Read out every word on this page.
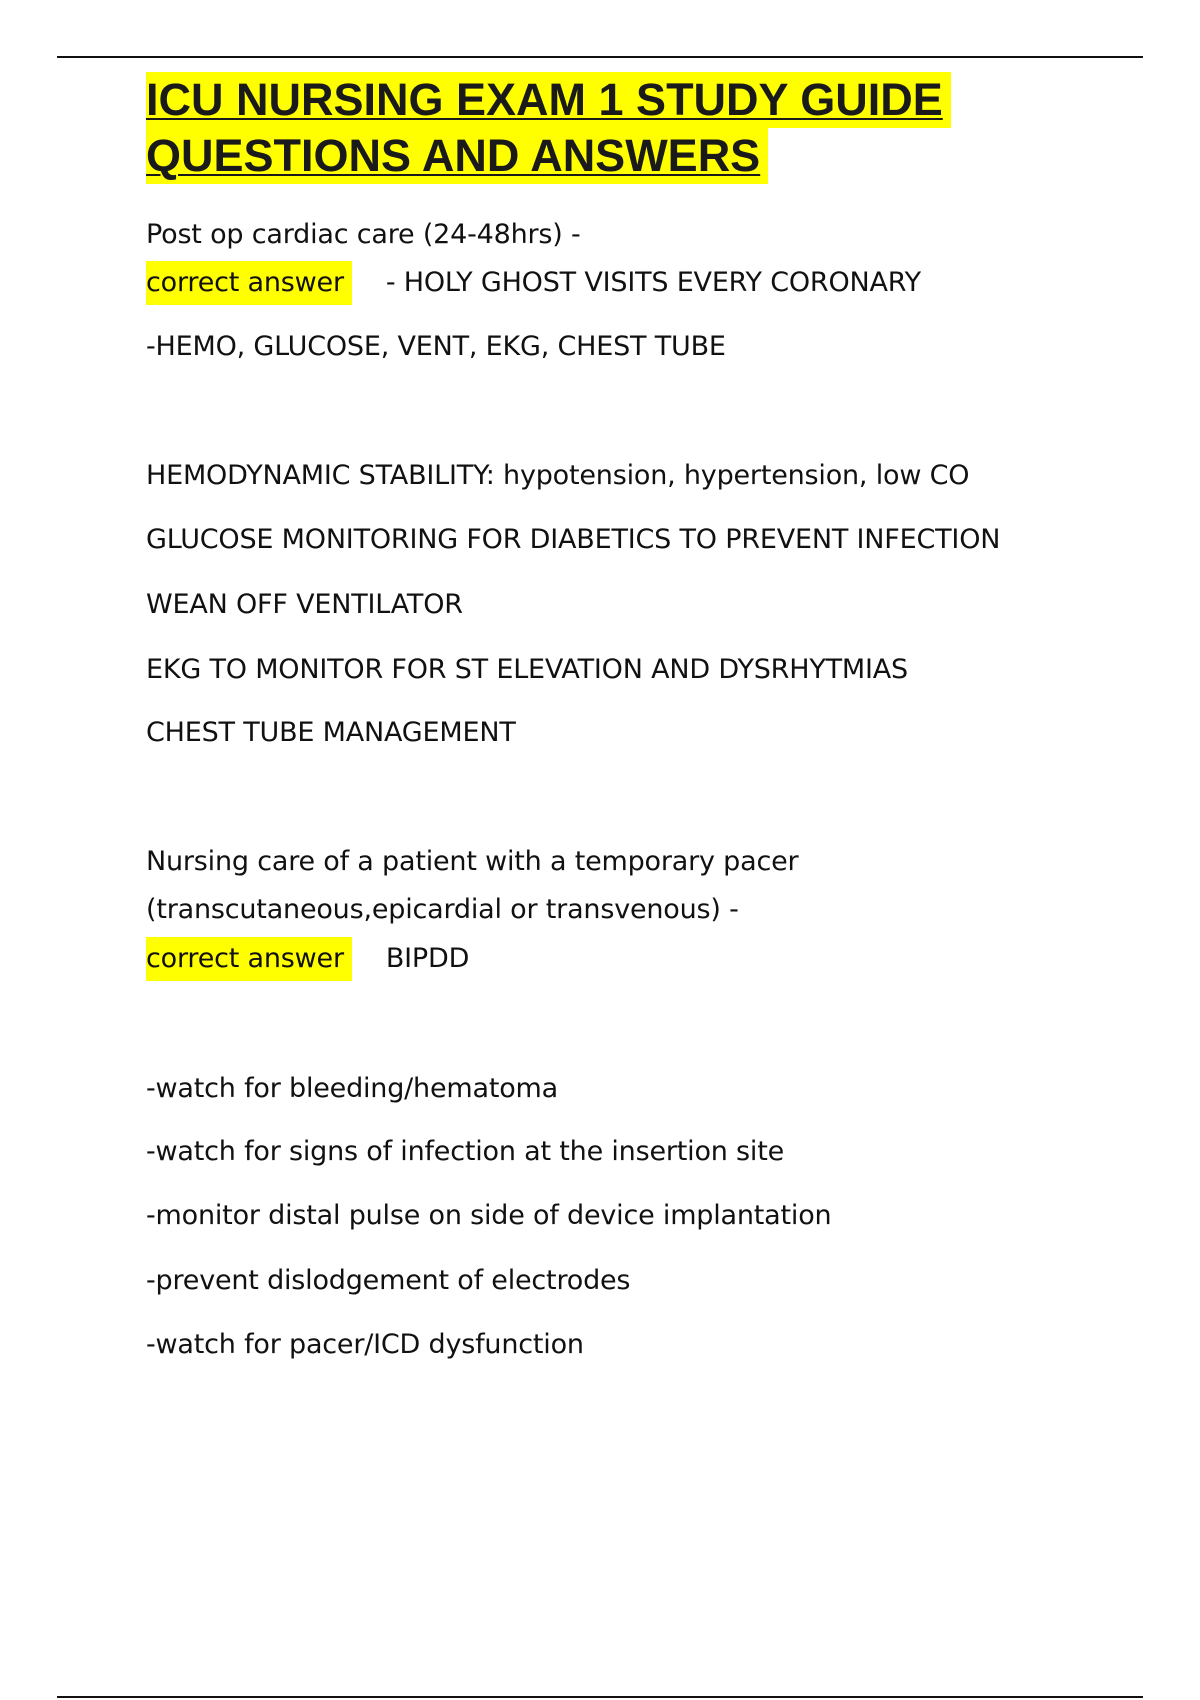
ICU NURSING EXAM 1 STUDY GUIDE
QUESTIONS AND ANSWERS
Post op cardiac care (24-48hrs) -
correct answer - HOLY GHOST VISITS EVERY CORONARY
-HEMO, GLUCOSE, VENT, EKG, CHEST TUBE
HEMODYNAMIC STABILITY: hypotension, hypertension, low CO
GLUCOSE MONITORING FOR DIABETICS TO PREVENT INFECTION
WEAN OFF VENTILATOR
EKG TO MONITOR FOR ST ELEVATION AND DYSRHYTMIAS
CHEST TUBE MANAGEMENT
Nursing care of a patient with a temporary pacer
(transcutaneous,epicardial or transvenous) -
correct answer BIPDD
-watch for bleeding/hematoma
-watch for signs of infection at the insertion site
-monitor distal pulse on side of device implantation
-prevent dislodgement of electrodes
-watch for pacer/ICD dysfunction
